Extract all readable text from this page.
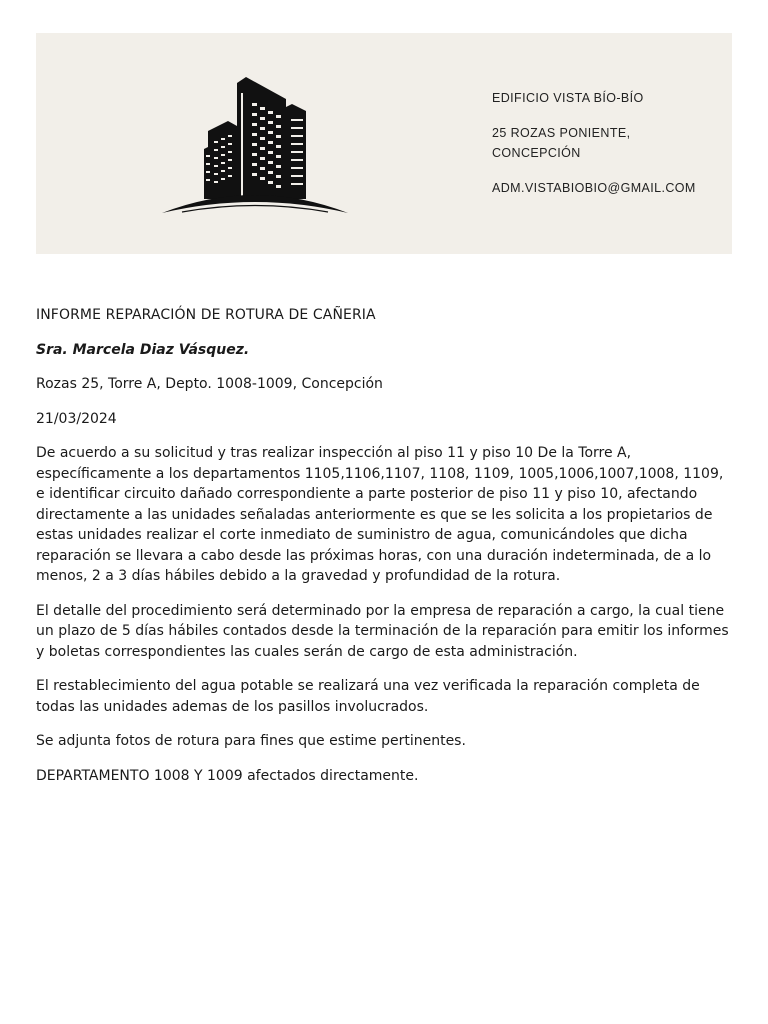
EDIFICIO VISTA BÍO-BÍO

25 ROZAS PONIENTE,
CONCEPCIÓN

ADM.VISTABIOBIO@GMAIL.COM

INFORME REPARACIÓN DE ROTURA DE CAÑERIA

Sra. Marcela Diaz Vásquez.

Rozas 25, Torre A, Depto. 1008-1009, Concepción

21/03/2024

De acuerdo a su solicitud y tras realizar inspección al piso 11 y piso 10 De la Torre A, específicamente a los departamentos 1105,1106,1107, 1108, 1109, 1005,1006,1007,1008, 1109, e identificar circuito dañado correspondiente a parte posterior de piso 11 y piso 10, afectando directamente a las unidades señaladas anteriormente es que se les solicita a los propietarios de estas unidades realizar el corte inmediato de suministro de agua, comunicándoles que dicha reparación se llevara a cabo desde las próximas horas, con una duración indeterminada, de a lo menos, 2 a 3 días hábiles debido a la gravedad y profundidad de la rotura.

El detalle del procedimiento será determinado por la empresa de reparación a cargo, la cual tiene un plazo de 5 días hábiles contados desde la terminación de la reparación para emitir los informes y boletas correspondientes las cuales serán de cargo de esta administración.

El restablecimiento del agua potable se realizará una vez verificada la reparación completa de todas las unidades ademas de los pasillos involucrados.

Se adjunta fotos de rotura para fines que estime pertinentes.

DEPARTAMENTO 1008 Y 1009 afectados directamente.
